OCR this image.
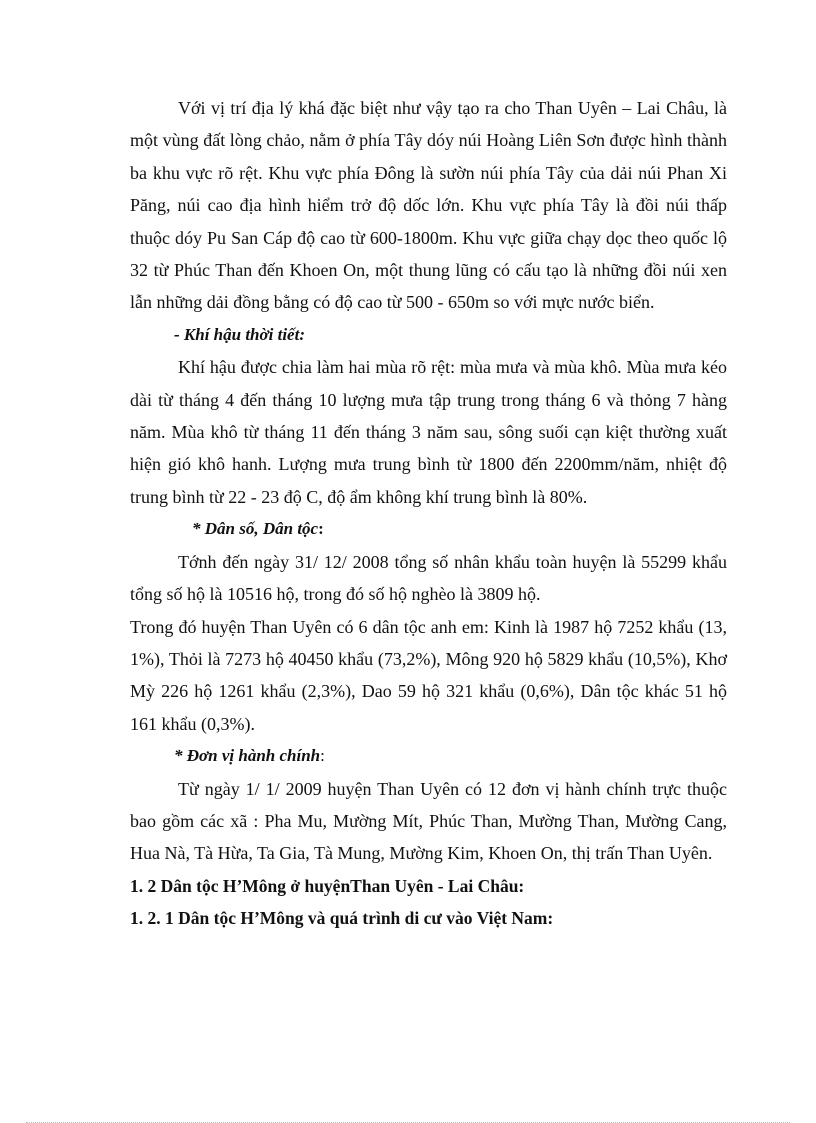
Với vị trí địa lý khá đặc biệt như vậy tạo ra cho Than Uyên – Lai Châu, là một vùng đất lòng chảo, nằm ở phía Tây dóy núi Hoàng Liên Sơn được hình thành ba khu vực rõ rệt. Khu vực phía Đông là sườn núi phía Tây của dải núi Phan Xi Păng, núi cao địa hình hiểm trở độ dốc lớn. Khu vực phía Tây là đồi núi thấp thuộc dóy Pu San Cáp độ cao từ 600-1800m. Khu vực giữa chạy dọc theo quốc lộ 32 từ Phúc Than đến Khoen On, một thung lũng có cấu tạo là những đồi núi xen lẫn những dải đồng bằng có độ cao từ 500 - 650m so với mực nước biển.

- Khí hậu thời tiết:

Khí hậu được chia làm hai mùa rõ rệt: mùa mưa và mùa khô. Mùa mưa kéo dài từ tháng 4 đến tháng 10 lượng mưa tập trung trong tháng 6 và thỏng 7 hàng năm. Mùa khô từ tháng 11 đến tháng 3 năm sau, sông suối cạn kiệt thường xuất hiện gió khô hanh. Lượng mưa trung bình từ 1800 đến 2200mm/năm, nhiệt độ trung bình từ 22 - 23 độ C, độ ẩm không khí trung bình là 80%.

* Dân số, Dân tộc:

Tớnh đến ngày 31/ 12/ 2008 tổng số nhân khẩu toàn huyện là 55299 khẩu tổng số hộ là 10516 hộ, trong đó số hộ nghèo là 3809 hộ.

Trong đó huyện Than Uyên có 6 dân tộc anh em: Kinh là 1987 hộ 7252 khẩu (13, 1%), Thỏi là 7273 hộ 40450 khẩu (73,2%), Mông 920 hộ 5829 khẩu (10,5%), Khơ Mỳ 226 hộ 1261 khẩu (2,3%), Dao 59 hộ 321 khẩu (0,6%), Dân tộc khác 51 hộ 161 khẩu (0,3%).

* Đơn vị hành chính:

Từ ngày 1/ 1/ 2009 huyện Than Uyên có 12 đơn vị hành chính trực thuộc bao gồm các xã : Pha Mu, Mường Mít, Phúc Than, Mường Than, Mường Cang, Hua Nà, Tà Hừa, Ta Gia, Tà Mung, Mường Kim, Khoen On, thị trấn Than Uyên.

1. 2 Dân tộc H’Mông ở huyệnThan Uyên - Lai Châu:

1. 2. 1 Dân tộc H’Mông và quá trình di cư vào Việt Nam:
